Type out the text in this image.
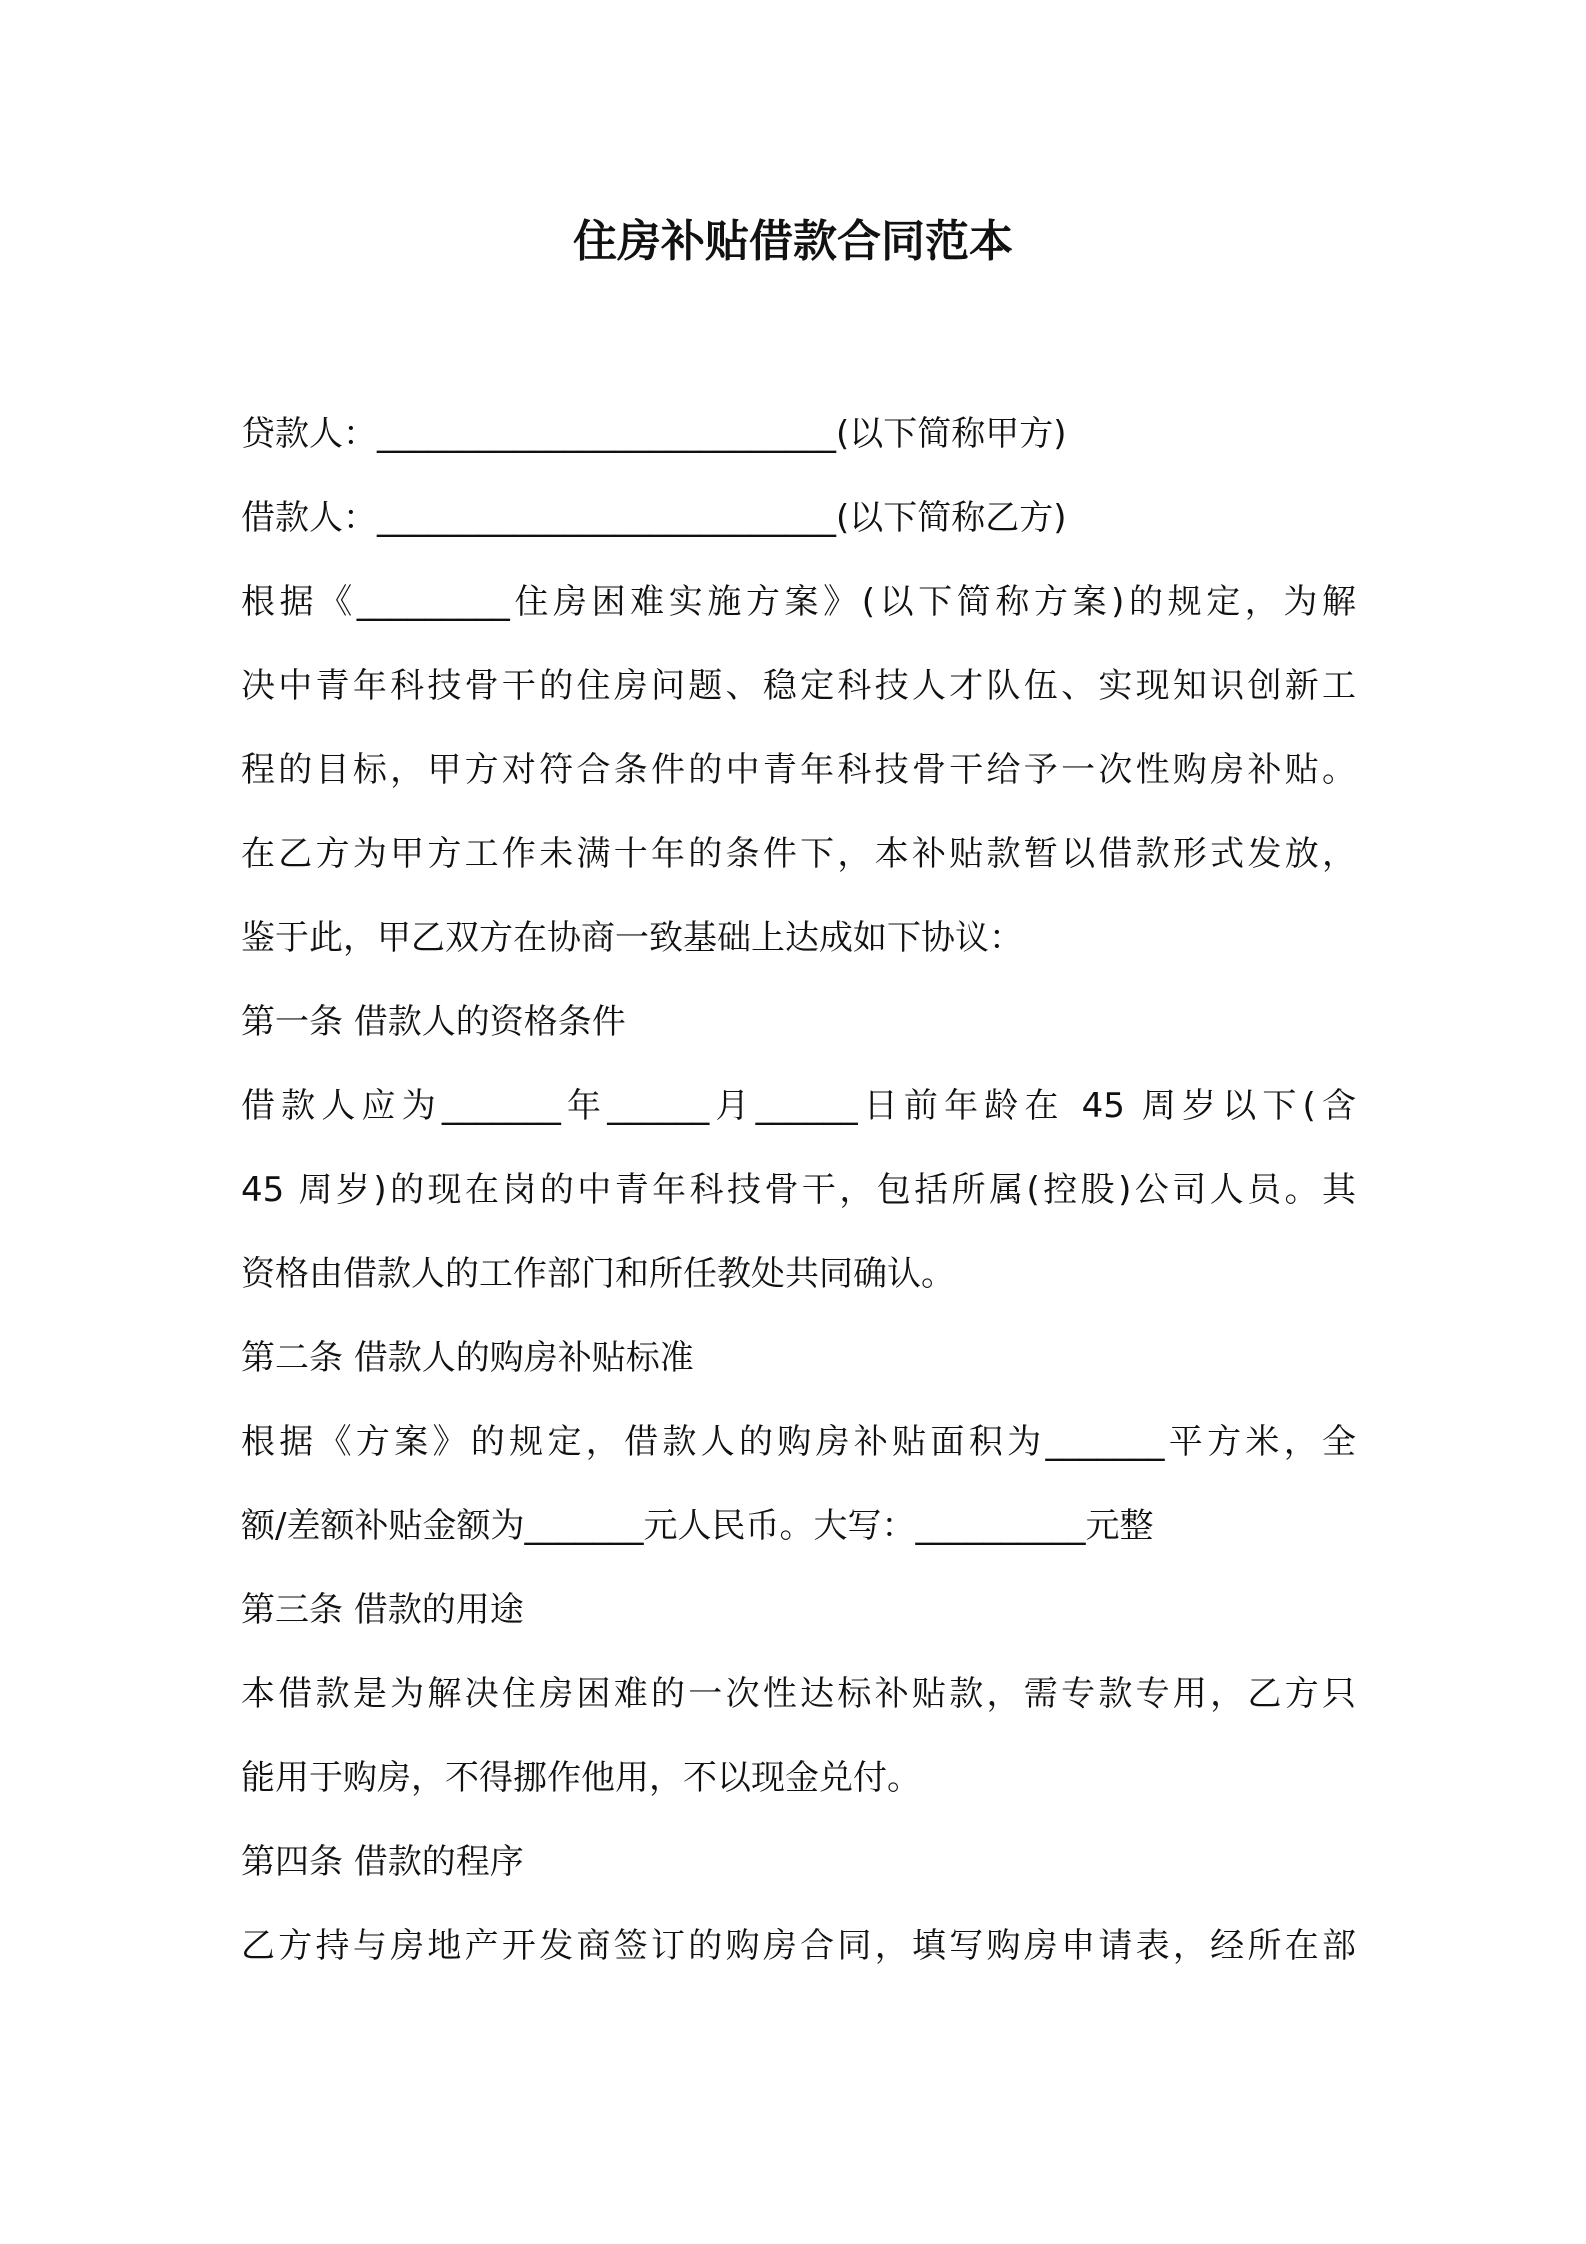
住房补贴借款合同范本
贷款人：___________________________(以下简称甲方)
借款人：___________________________(以下简称乙方)
根据《_________住房困难实施方案》(以下简称方案)的规定，为解
决中青年科技骨干的住房问题、稳定科技人才队伍、实现知识创新工
程的目标，甲方对符合条件的中青年科技骨干给予一次性购房补贴。
在乙方为甲方工作未满十年的条件下，本补贴款暂以借款形式发放，
鉴于此，甲乙双方在协商一致基础上达成如下协议：
第一条 借款人的资格条件
借款人应为_______年______月______日前年龄在 45 周岁以下(含
45 周岁)的现在岗的中青年科技骨干，包括所属(控股)公司人员。其
资格由借款人的工作部门和所任教处共同确认。
第二条 借款人的购房补贴标准
根据《方案》的规定，借款人的购房补贴面积为_______平方米，全
额/差额补贴金额为_______元人民币。大写：__________元整
第三条 借款的用途
本借款是为解决住房困难的一次性达标补贴款，需专款专用，乙方只
能用于购房，不得挪作他用，不以现金兑付。
第四条 借款的程序
乙方持与房地产开发商签订的购房合同，填写购房申请表，经所在部
